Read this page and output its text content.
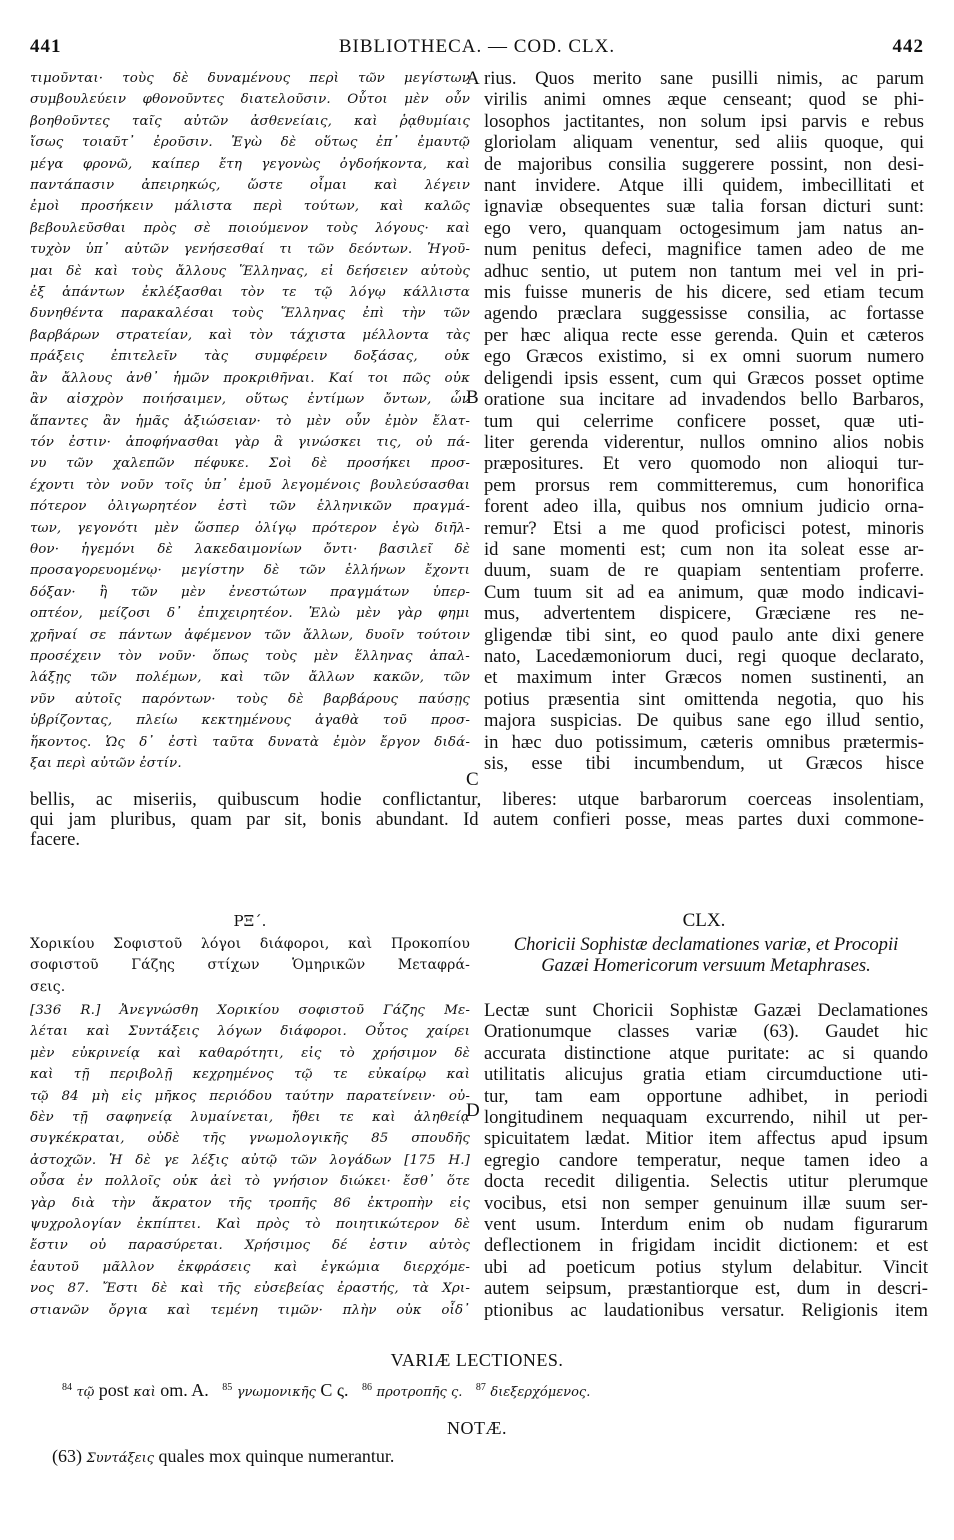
441	BIBLIOTHECA. — COD. CLX.	442
τιμοῦνται· τοὺς δὲ δυναμένους περὶ τῶν μεγίστων
συμβουλεύειν φθονοῦντες διατελοῦσιν. Οὗτοι μὲν οὖν
βοηθοῦντες ταῖς αὐτῶν ἀσθενείαις, καὶ ῥᾳθυμίαις
ἴσως τοιαῦτ᾽ ἐροῦσιν. Ἐγὼ δὲ οὕτως ἐπ᾽ ἐμαυτῷ
μέγα φρονῶ, καίπερ ἔτη γεγονὼς ὀγδοήκοντα, καὶ
παντάπασιν ἀπειρηκώς, ὥστε οἶμαι καὶ λέγειν
ἐμοὶ προσήκειν μάλιστα περὶ τούτων, καὶ καλῶς
βεβουλεῦσθαι πρὸς σὲ ποιούμενον τοὺς λόγους· καὶ
τυχὸν ὑπ᾽ αὐτῶν γενήσεσθαί τι τῶν δεόντων. Ἡγοῦ-
μαι δὲ καὶ τοὺς ἄλλους Ἕλληνας, εἰ δεήσειεν αὐτοὺς
ἐξ ἁπάντων ἐκλέξασθαι τὸν τε τῷ λόγῳ κάλλιστα
δυνηθέντα παρακαλέσαι τοὺς Ἕλληνας ἐπὶ τὴν τῶν
βαρβάρων στρατείαν, καὶ τὸν τάχιστα μέλλοντα τὰς
πράξεις ἐπιτελεῖν τὰς συμφέρειν δοξάσας, οὐκ
ἂν ἄλλους ἀνθ᾽ ἡμῶν προκριθῆναι. Καί τοι πῶς οὐκ
ἂν αἰσχρὸν ποιήσαιμεν, οὕτως ἐντίμων ὄντων, ὧν
ἅπαντες ἂν ἡμᾶς ἀξιώσειαν· τὸ μὲν οὖν ἐμὸν ἔλατ-
τόν ἐστιν· ἀποφήνασθαι γὰρ ἃ γινώσκει τις, οὐ πά-
νυ τῶν χαλεπῶν πέφυκε. Σοὶ δὲ προσήκει προσ-
έχοντι τὸν νοῦν τοῖς ὑπ᾽ ἐμοῦ λεγομένοις βουλεύσασθαι
πότερον ὀλιγωρητέον ἐστὶ τῶν ἑλληνικῶν πραγμά-
των, γεγονότι μὲν ὥσπερ ὀλίγῳ πρότερον ἐγὼ διῆλ-
θον· ἡγεμόνι δὲ λακεδαιμονίων ὄντι· βασιλεῖ δὲ
προσαγορευομένῳ· μεγίστην δὲ τῶν ἑλλήνων ἔχοντι
δόξαν· ἢ τῶν μὲν ἐνεστώτων πραγμάτων ὑπερ-
οπτέον, μείζοσι δ᾽ ἐπιχειρητέον. Ἐλὼ μὲν γὰρ φημι
χρῆναί σε πάντων ἀφέμενον τῶν ἄλλων, δυοῖν τούτοιν
προσέχειν τὸν νοῦν· ὅπως τοὺς μὲν ἕλληνας ἀπαλ-
λάξῃς τῶν πολέμων, καὶ τῶν ἄλλων κακῶν, τῶν
νῦν αὐτοῖς παρόντων· τοὺς δὲ βαρβάρους παύσῃς
ὑβρίζοντας, πλείω κεκτημένους ἀγαθὰ τοῦ προσ-
ἥκοντος. Ὡς δ᾽ ἐστὶ ταῦτα δυνατὰ ἐμὸν ἔργον διδά-
ξαι περὶ αὐτῶν ἐστίν.
rius. Quos merito sane pusilli nimis, ac parum
virilis animi omnes æque censeant; quod se phi-
losophos jactitantes, non solum ipsi parvis e rebus
gloriolam aliquam venentur, sed aliis quoque, qui
de majoribus consilia suggerere possint, non desi-
nant invidere. Atque illi quidem, imbecillitati et
ignaviæ obsequentes suæ talia forsan dicturi sunt:
ego vero, quanquam octogesimum jam natus an-
num penitus defeci, magnifice tamen adeo de me
adhuc sentio, ut putem non tantum mei vel in pri-
mis fuisse muneris de his dicere, sed etiam tecum
agendo præclara suggessisse consilia, ac fortasse
per hæc aliqua recte esse gerenda. Quin et cæteros
ego Græcos existimo, si ex omni suorum numero
deligendi ipsis essent, cum qui Græcos posset optime
oratione sua incitare ad invadendos bello Barbaros,
tum qui celerrime conficere posset, quæ uti-
liter gerenda viderentur, nullos omnino alios nobis
præpositures. Et vero quomodo non alioqui tur-
pem prorsus rem committeremus, cum honorifica
forent adeo illa, quibus nos omnium judicio orna-
remur? Etsi a me quod proficisci potest, minoris
id sane momenti est; cum non ita soleat esse ar-
duum, suam de re quapiam sententiam proferre.
Cum tuum sit ad ea animum, quæ modo indicavi-
mus, advertentem dispicere, Græciæne res ne-
gligendæ tibi sint, eo quod paulo ante dixi genere
nato, Lacedæmoniorum duci, regi quoque declarato,
et maximum inter Græcos nomen sustinenti, an
potius præsentia sint omittenda negotia, quo his
majora suspicias. De quibus sane ego illud sentio,
in hæc duo potissimum, cæteris omnibus prætermis-
sis, esse tibi incumbendum, ut Græcos hisce
A
B
C
D
bellis, ac miseriis, quibuscum hodie conflictantur, liberes: utque barbarorum coerceas insolentiam,
qui jam pluribus, quam par sit, bonis abundant. Id autem confieri posse, meas partes duxi commone-
facere.
ΡΞ΄.	CLX.
Χορικίου Σοφιστοῦ λόγοι διάφοροι, καὶ Προκοπίου
σοφιστοῦ Γάζης στίχων Ὁμηρικῶν Μεταφρά-
σεις.
Choricii Sophistæ declamationes variæ, et Procopii
Gazæi Homericorum versuum Metaphrases.
[336 R.] Ἀνεγνώσθη Χορικίου σοφιστοῦ Γάζης Με-
λέται καὶ Συντάξεις λόγων διάφοροι. Οὗτος χαίρει
μὲν εὐκρινείᾳ καὶ καθαρότητι, εἰς τὸ χρήσιμον δὲ
καὶ τῇ περιβολῇ κεχρημένος τῷ τε εὐκαίρῳ καὶ
τῷ 84 μὴ εἰς μῆκος περιόδου ταύτην παρατείνειν· οὐ-
δὲν τῇ σαφηνείᾳ λυμαίνεται, ἤθει τε καὶ ἀληθείᾳ
συγκέκραται, οὐδὲ τῆς γνωμολογικῆς 85 σπουδῆς
ἀστοχῶν. Ἡ δὲ γε λέξις αὐτῷ τῶν λογάδων [175 H.]
οὖσα ἐν πολλοῖς οὐκ ἀεὶ τὸ γνήσιον διώκει· ἔσθ᾽ ὅτε
γὰρ διὰ τὴν ἄκρατον τῆς τροπῆς 86 ἐκτροπὴν εἰς
ψυχρολογίαν ἐκπίπτει. Καὶ πρὸς τὸ ποιητικώτερον δὲ
ἔστιν οὐ παρασύρεται. Χρήσιμος δέ ἐστιν αὐτὸς
ἑαυτοῦ μᾶλλον ἐκφράσεις καὶ ἐγκώμια διερχόμε-
νος 87. Ἔστι δὲ καὶ τῆς εὐσεβείας ἐραστής, τὰ Χρι-
στιανῶν ὄργια καὶ τεμένη τιμῶν· πλὴν οὐκ οἶδ᾽
Lectæ sunt Choricii Sophistæ Gazæi Declamationes
Orationumque classes variæ (63). Gaudet hic
accurata distinctione atque puritate: ac si quando
utilitatis alicujus gratia etiam circumductione uti-
tur, tam eam opportune adhibet, in periodi
longitudinem nequaquam excurrendo, nihil ut per-
spicuitatem lædat. Mitior item affectus apud ipsum
egregio candore temperatur, neque tamen ideo a
docta recedit diligentia. Selectis utitur plerumque
vocibus, etsi non semper genuinum illæ suum ser-
vent usum. Interdum enim ob nudam figurarum
deflectionem in frigidam incidit dictionem: et est
ubi ad poeticum potius stylum delabitur. Vincit
autem seipsum, præstantiorque est, dum in descri-
ptionibus ac laudationibus versatur. Religionis item
VARIÆ LECTIONES.
$^{84}$ τῷ post καὶ om. A. $^{85}$ γνωμονικῆς C ς. $^{86}$ προτροπῆς ς. $^{87}$ διεξερχόμενος.
NOTÆ.
(63) Συντάξεις quales mox quinque numerantur.
